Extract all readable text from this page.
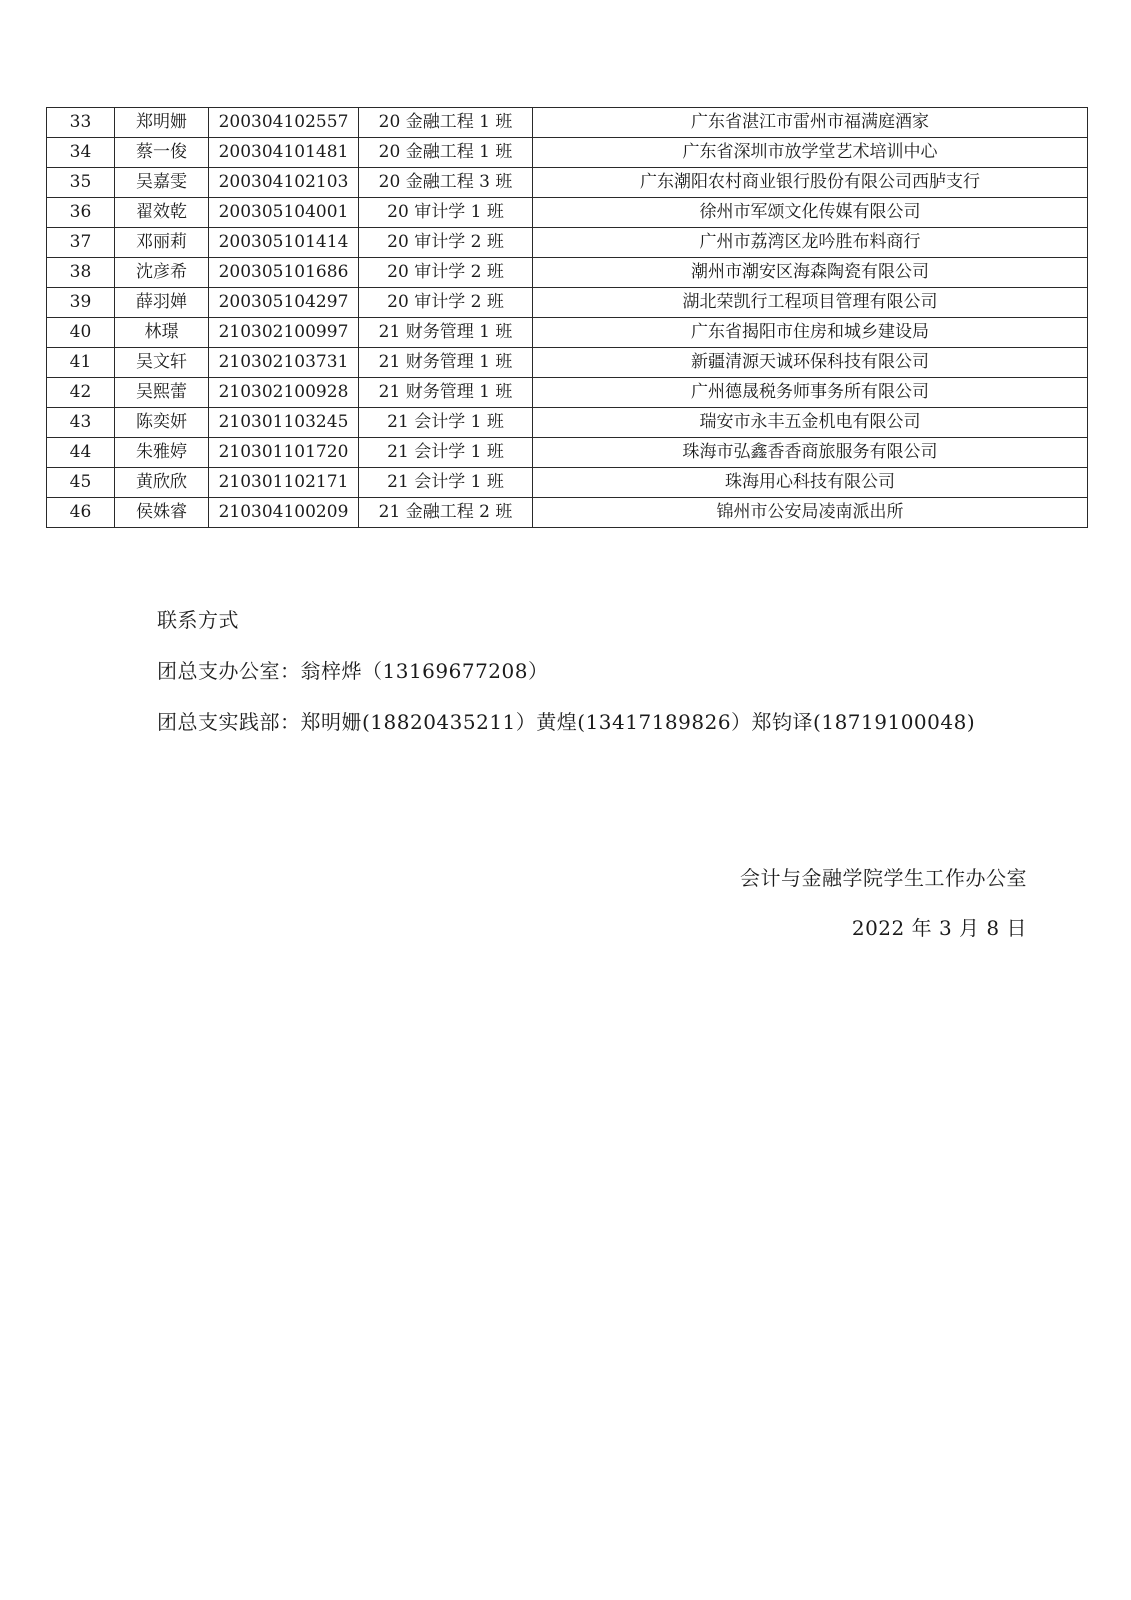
33	郑明姗	200304102557	20 金融工程 1 班	广东省湛江市雷州市福满庭酒家
34	蔡一俊	200304101481	20 金融工程 1 班	广东省深圳市放学堂艺术培训中心
35	吴嘉雯	200304102103	20 金融工程 3 班	广东潮阳农村商业银行股份有限公司西胪支行
36	翟效乾	200305104001	20 审计学 1 班	徐州市军颂文化传媒有限公司
37	邓丽莉	200305101414	20 审计学 2 班	广州市荔湾区龙吟胜布料商行
38	沈彦希	200305101686	20 审计学 2 班	潮州市潮安区海森陶瓷有限公司
39	薛羽婵	200305104297	20 审计学 2 班	湖北荣凯行工程项目管理有限公司
40	林璟	210302100997	21 财务管理 1 班	广东省揭阳市住房和城乡建设局
41	吴文轩	210302103731	21 财务管理 1 班	新疆清源天诚环保科技有限公司
42	吴熙蕾	210302100928	21 财务管理 1 班	广州德晟税务师事务所有限公司
43	陈奕妍	210301103245	21 会计学 1 班	瑞安市永丰五金机电有限公司
44	朱雅婷	210301101720	21 会计学 1 班	珠海市弘鑫香香商旅服务有限公司
45	黄欣欣	210301102171	21 会计学 1 班	珠海用心科技有限公司
46	侯姝睿	210304100209	21 金融工程 2 班	锦州市公安局凌南派出所
联系方式
团总支办公室：翁梓烨（13169677208）
团总支实践部：郑明姗(18820435211）黄煌(13417189826）郑钧译(18719100048)
会计与金融学院学生工作办公室
2022 年 3 月 8 日
